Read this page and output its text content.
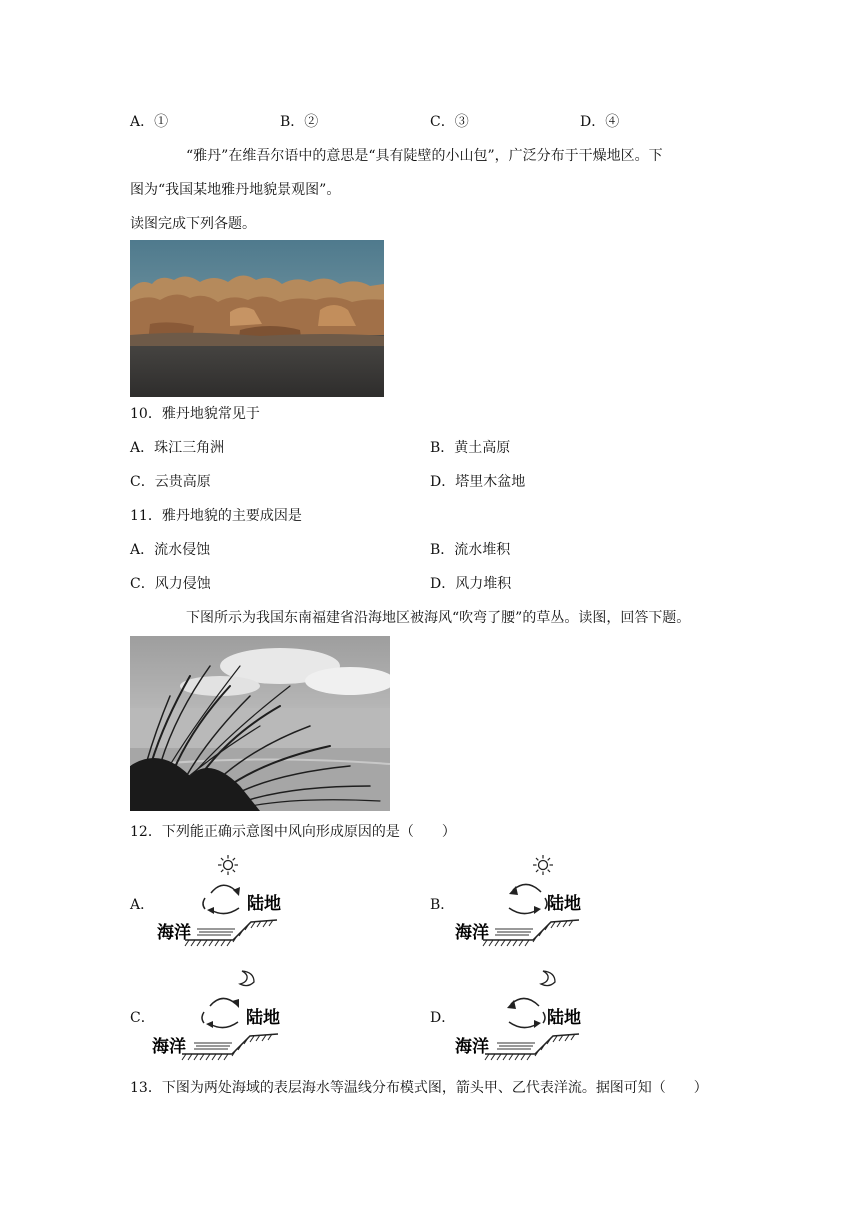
A．①	B．②	C．③	D．④
“雅丹”在维吾尔语中的意思是“具有陡壁的小山包”，广泛分布于干燥地区。下
图为“我国某地雅丹地貌景观图”。
读图完成下列各题。
10．雅丹地貌常见于
A．珠江三角洲	B．黄土高原
C．云贵高原	D．塔里木盆地
11．雅丹地貌的主要成因是
A．流水侵蚀	B．流水堆积
C．风力侵蚀	D．风力堆积
下图所示为我国东南福建省沿海地区被海风“吹弯了腰”的草丛。读图，回答下题。
12．下列能正确示意图中风向形成原因的是（　　）
A．	B．
C．	D．
陆地
海洋
陆地
海洋
陆地
海洋
陆地
海洋
13．下图为两处海域的表层海水等温线分布模式图，箭头甲、乙代表洋流。据图可知（　　）
